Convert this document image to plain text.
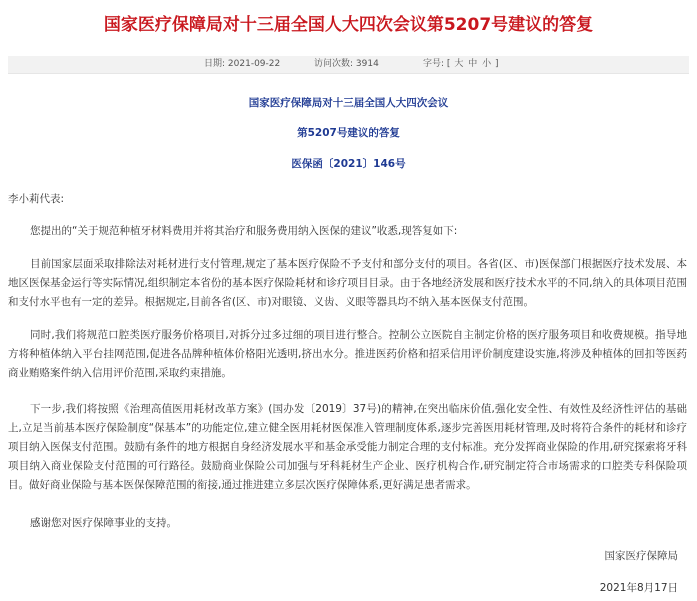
国家医疗保障局对十三届全国人大四次会议第5207号建议的答复
日期: 2021-09-22	访问次数: 3914	字号: [ 大 中 小 ]
国家医疗保障局对十三届全国人大四次会议
第5207号建议的答复
医保函〔2021〕146号
李小莉代表:
您提出的“关于规范种植牙材料费用并将其治疗和服务费用纳入医保的建议”收悉,现答复如下:
目前国家层面采取排除法对耗材进行支付管理,规定了基本医疗保险不予支付和部分支付的项目。各省(区、市)医保部门根据医疗技术发展、本地区医保基金运行等实际情况,组织制定本省份的基本医疗保险耗材和诊疗项目目录。由于各地经济发展和医疗技术水平的不同,纳入的具体项目范围和支付水平也有一定的差异。根据规定,目前各省(区、市)对眼镜、义齿、义眼等器具均不纳入基本医保支付范围。
同时,我们将规范口腔类医疗服务价格项目,对拆分过多过细的项目进行整合。控制公立医院自主制定价格的医疗服务项目和收费规模。指导地方将种植体纳入平台挂网范围,促进各品牌种植体价格阳光透明,挤出水分。推进医药价格和招采信用评价制度建设实施,将涉及种植体的回扣等医药商业贿赂案件纳入信用评价范围,采取约束措施。
下一步,我们将按照《治理高值医用耗材改革方案》(国办发〔2019〕37号)的精神,在突出临床价值,强化安全性、有效性及经济性评估的基础上,立足当前基本医疗保险制度“保基本”的功能定位,建立健全医用耗材医保准入管理制度体系,逐步完善医用耗材管理,及时将符合条件的耗材和诊疗项目纳入医保支付范围。鼓励有条件的地方根据自身经济发展水平和基金承受能力制定合理的支付标准。充分发挥商业保险的作用,研究探索将牙科项目纳入商业保险支付范围的可行路径。鼓励商业保险公司加强与牙科耗材生产企业、医疗机构合作,研究制定符合市场需求的口腔类专科保险项目。做好商业保险与基本医保保障范围的衔接,通过推进建立多层次医疗保障体系,更好满足患者需求。
感谢您对医疗保障事业的支持。
国家医疗保障局
2021年8月17日
